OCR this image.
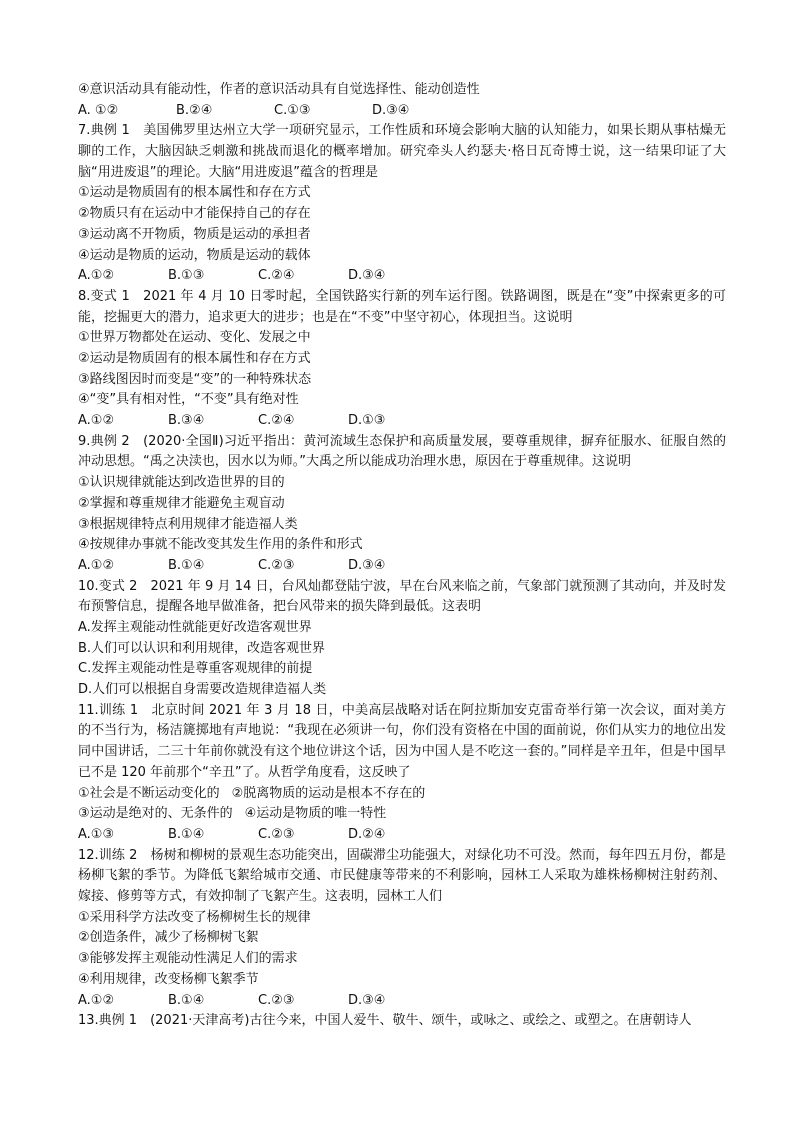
④意识活动具有能动性，作者的意识活动具有自觉选择性、能动创造性
A. ①②	B.②④	C.①③	D.③④
7.典例 1　美国佛罗里达州立大学一项研究显示，工作性质和环境会影响大脑的认知能力，如果长期从事枯燥无聊的工作，大脑因缺乏刺激和挑战而退化的概率增加。研究牵头人约瑟夫·格日瓦奇博士说，这一结果印证了大脑“用进废退”的理论。大脑“用进废退”蕴含的哲理是
①运动是物质固有的根本属性和存在方式
②物质只有在运动中才能保持自己的存在
③运动离不开物质，物质是运动的承担者
④运动是物质的运动，物质是运动的载体
A.①②	B.①③	C.②④	D.③④
8.变式 1　2021 年 4 月 10 日零时起，全国铁路实行新的列车运行图。铁路调图，既是在“变”中探索更多的可能，挖掘更大的潜力，追求更大的进步；也是在“不变”中坚守初心，体现担当。这说明
①世界万物都处在运动、变化、发展之中
②运动是物质固有的根本属性和存在方式
③路线图因时而变是“变”的一种特殊状态
④“变”具有相对性，“不变”具有绝对性
A.①②	B.③④	C.②④	D.①③
9.典例 2　(2020·全国Ⅱ)习近平指出：黄河流域生态保护和高质量发展，要尊重规律，摒弃征服水、征服自然的冲动思想。“禹之决渎也，因水以为师。”大禹之所以能成功治理水患，原因在于尊重规律。这说明
①认识规律就能达到改造世界的目的
②掌握和尊重规律才能避免主观盲动
③根据规律特点利用规律才能造福人类
④按规律办事就不能改变其发生作用的条件和形式
A.①②	B.①④	C.②③	D.③④
10.变式 2　2021 年 9 月 14 日，台风灿都登陆宁波，早在台风来临之前，气象部门就预测了其动向，并及时发布预警信息，提醒各地早做准备，把台风带来的损失降到最低。这表明
A.发挥主观能动性就能更好改造客观世界
B.人们可以认识和利用规律，改造客观世界
C.发挥主观能动性是尊重客观规律的前提
D.人们可以根据自身需要改造规律造福人类
11.训练 1　北京时间 2021 年 3 月 18 日，中美高层战略对话在阿拉斯加安克雷奇举行第一次会议，面对美方的不当行为，杨洁篪掷地有声地说：“我现在必须讲一句，你们没有资格在中国的面前说，你们从实力的地位出发同中国讲话，二三十年前你就没有这个地位讲这个话，因为中国人是不吃这一套的。”同样是辛丑年，但是中国早已不是 120 年前那个“辛丑”了。从哲学角度看，这反映了
①社会是不断运动变化的 ②脱离物质的运动是根本不存在的
③运动是绝对的、无条件的 ④运动是物质的唯一特性
A.①③	B.①④	C.②③	D.②④
12.训练 2　杨树和柳树的景观生态功能突出，固碳滞尘功能强大，对绿化功不可没。然而，每年四五月份，都是杨柳飞絮的季节。为降低飞絮给城市交通、市民健康等带来的不利影响，园林工人采取为雄株杨柳树注射药剂、嫁接、修剪等方式，有效抑制了飞絮产生。这表明，园林工人们
①采用科学方法改变了杨柳树生长的规律
②创造条件，减少了杨柳树飞絮
③能够发挥主观能动性满足人们的需求
④利用规律，改变杨柳飞絮季节
A.①②	B.①④	C.②③	D.③④
13.典例 1　(2021·天津高考)古往今来，中国人爱牛、敬牛、颂牛，或咏之、或绘之、或塑之。在唐朝诗人
